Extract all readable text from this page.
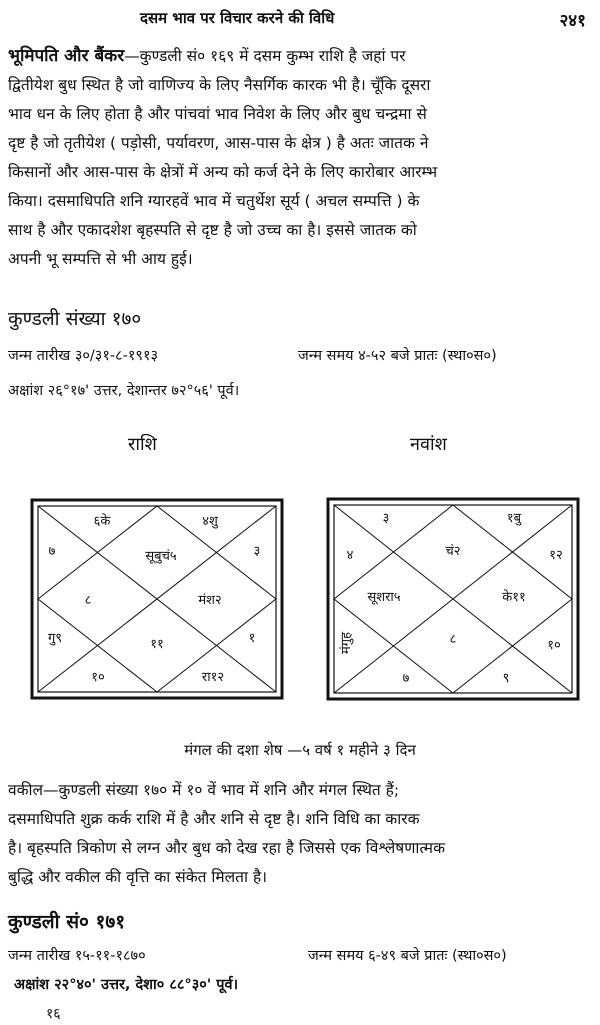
दसम भाव पर विचार करने की विधि	२४१
भूमिपति और बैंकर—कुण्डली सं० १६९ में दसम कुम्भ राशि है जहां पर
द्वितीयेश बुध स्थित है जो वाणिज्य के लिए नैसर्गिक कारक भी है। चूँकि दूसरा
भाव धन के लिए होता है और पांचवां भाव निवेश के लिए और बुध चन्द्रमा से
दृष्ट है जो तृतीयेश ( पड़ोसी, पर्यावरण, आस-पास के क्षेत्र ) है अतः जातक ने
किसानों और आस-पास के क्षेत्रों में अन्य को कर्ज देने के लिए कारोबार आरम्भ
किया। दसमाधिपति शनि ग्यारहवें भाव में चतुर्थेश सूर्य ( अचल सम्पत्ति ) के
साथ है और एकादशेश बृहस्पति से दृष्ट है जो उच्च का है। इससे जातक को
अपनी भू सम्पत्ति से भी आय हुई।
कुण्डली संख्या १७०
जन्म तारीख ३०/३१-८-१९१३	जन्म समय ४-५२ बजे प्रातः (स्था०स०)
अक्षांश २६°१७' उत्तर, देशान्तर ७२°५६' पूर्व।
राशि	नवांश
६के	४शु
७	सूबुचं५	३
८	मंश२
गु९	११	१
१०	रा१२
३	१बु
४	चं२	१२
सूशरा५	के११
मंगुह	८	१०
७	९
मंगल की दशा शेष —५ वर्ष १ महीने ३ दिन
वकील—कुण्डली संख्या १७० में १० वें भाव में शनि और मंगल स्थित हैं;
दसमाधिपति शुक्र कर्क राशि में है और शनि से दृष्ट है। शनि विधि का कारक
है। बृहस्पति त्रिकोण से लग्न और बुध को देख रहा है जिससे एक विश्लेषणात्मक
बुद्धि और वकील की वृत्ति का संकेत मिलता है।
कुण्डली सं० १७१
जन्म तारीख १५-११-१८७०	जन्म समय ६-४९ बजे प्रातः (स्था०स०)
अक्षांश २२°४०' उत्तर, देशा० ८८°३०' पूर्व।
१६
